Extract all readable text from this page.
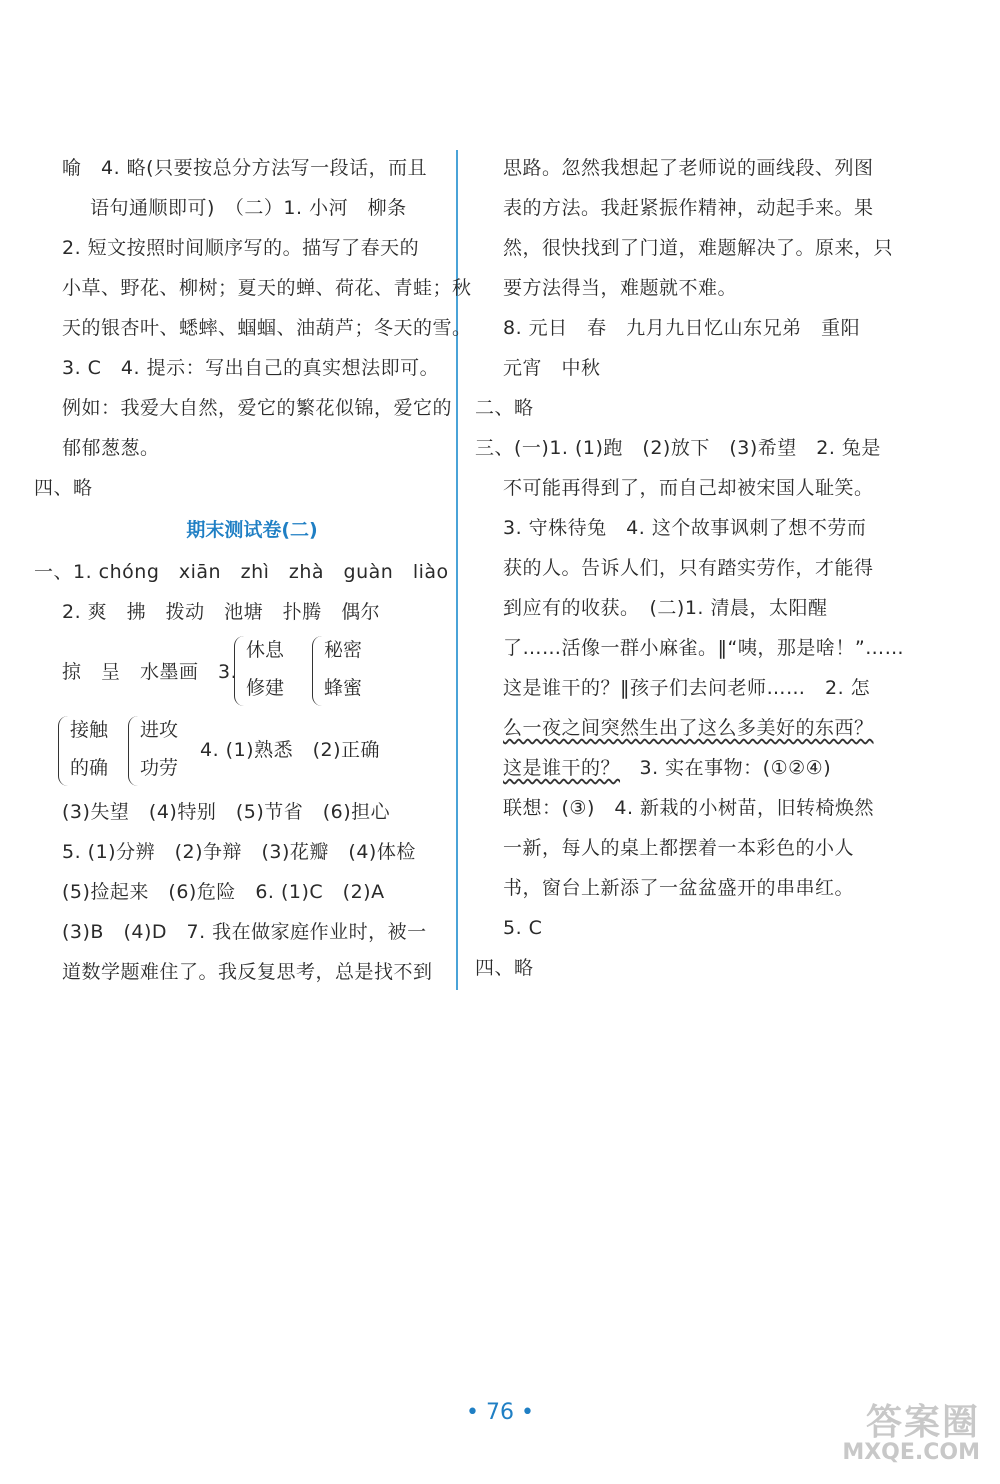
喻　4. 略(只要按总分方法写一段话，而且
语句通顺即可)　（二）1. 小河　柳条
2. 短文按照时间顺序写的。描写了春天的
小草、野花、柳树；夏天的蝉、荷花、青蛙；秋
天的银杏叶、蟋蟀、蝈蝈、油葫芦；冬天的雪。
3. C　4. 提示：写出自己的真实想法即可。
例如：我爱大自然，爱它的繁花似锦，爱它的
郁郁葱葱。
四、略
期末测试卷(二)
一、1. chóng　xiān　zhì　zhà　guàn　liào
2. 爽　拂　拨动　池塘　扑腾　偶尔
掠　呈　水墨画　3.
休息
修建
秘密
蜂蜜
接触
的确
进攻
功劳
4. (1)熟悉　(2)正确
(3)失望　(4)特别　(5)节省　(6)担心
5. (1)分辨　(2)争辩　(3)花瓣　(4)体检
(5)捡起来　(6)危险　6. (1)C　(2)A
(3)B　(4)D　7. 我在做家庭作业时，被一
道数学题难住了。我反复思考，总是找不到
思路。忽然我想起了老师说的画线段、列图
表的方法。我赶紧振作精神，动起手来。果
然，很快找到了门道，难题解决了。原来，只
要方法得当，难题就不难。
8. 元日　春　九月九日忆山东兄弟　重阳
元宵　中秋
二、略
三、(一)1. (1)跑　(2)放下　(3)希望　2. 兔是
不可能再得到了，而自己却被宋国人耻笑。
3. 守株待兔　4. 这个故事讽刺了想不劳而
获的人。告诉人们，只有踏实劳作，才能得
到应有的收获。　(二)1. 清晨，太阳醒
了……活像一群小麻雀。‖“咦，那是啥！”……
这是谁干的？‖孩子们去问老师……　2. 怎
么一夜之间突然生出了这么多美好的东西？
这是谁干的？　3. 实在事物：(①②④)
联想：(③)　4. 新栽的小树苗，旧转椅焕然
一新，每人的桌上都摆着一本彩色的小人
书，窗台上新添了一盆盆盛开的串串红。
5. C
四、略
• 76 •	答案圈
MXQE.COM
